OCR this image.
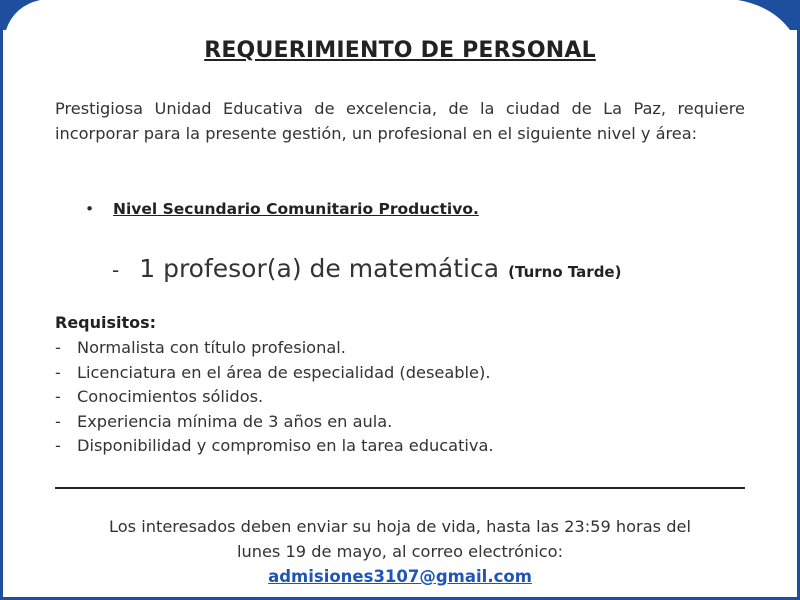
REQUERIMIENTO DE PERSONAL
Prestigiosa Unidad Educativa de excelencia, de la ciudad de La Paz, requiere incorporar para la presente gestión, un profesional en el siguiente nivel y área:
• Nivel Secundario Comunitario Productivo.
- 1 profesor(a) de matemática (Turno Tarde)
Requisitos:
- Normalista con título profesional.
- Licenciatura en el área de especialidad (deseable).
- Conocimientos sólidos.
- Experiencia mínima de 3 años en aula.
- Disponibilidad y compromiso en la tarea educativa.
Los interesados deben enviar su hoja de vida, hasta las 23:59 horas del
lunes 19 de mayo, al correo electrónico:
admisiones3107@gmail.com
